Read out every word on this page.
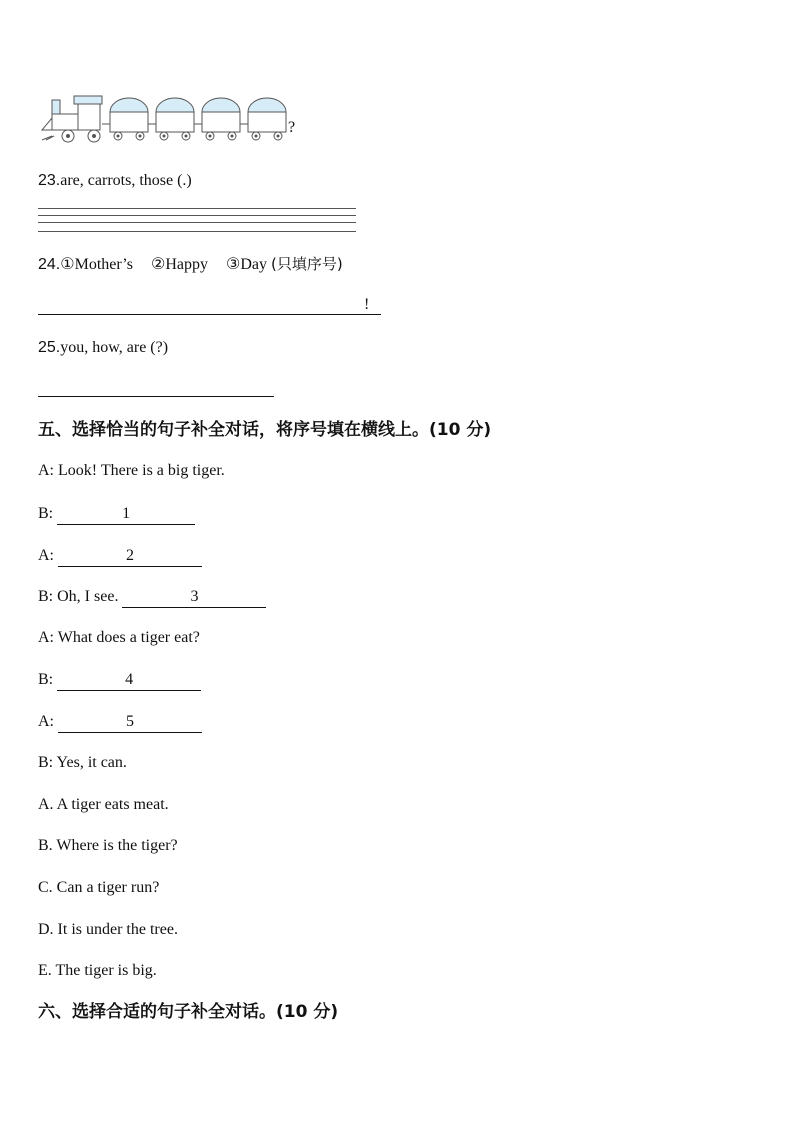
?
23.are, carrots, those (.)
24.①Mother’s ②Happy ③Day (只填序号)
!
25.you, how, are (?)
五、选择恰当的句子补全对话，将序号填在横线上。(10 分)
A: Look! There is a big tiger.
B:	1
A:	2
B: Oh, I see.	3
A: What does a tiger eat?
B:	4
A:	5
B: Yes, it can.
A. A tiger eats meat.
B. Where is the tiger?
C. Can a tiger run?
D. It is under the tree.
E. The tiger is big.
六、选择合适的句子补全对话。(10 分)
